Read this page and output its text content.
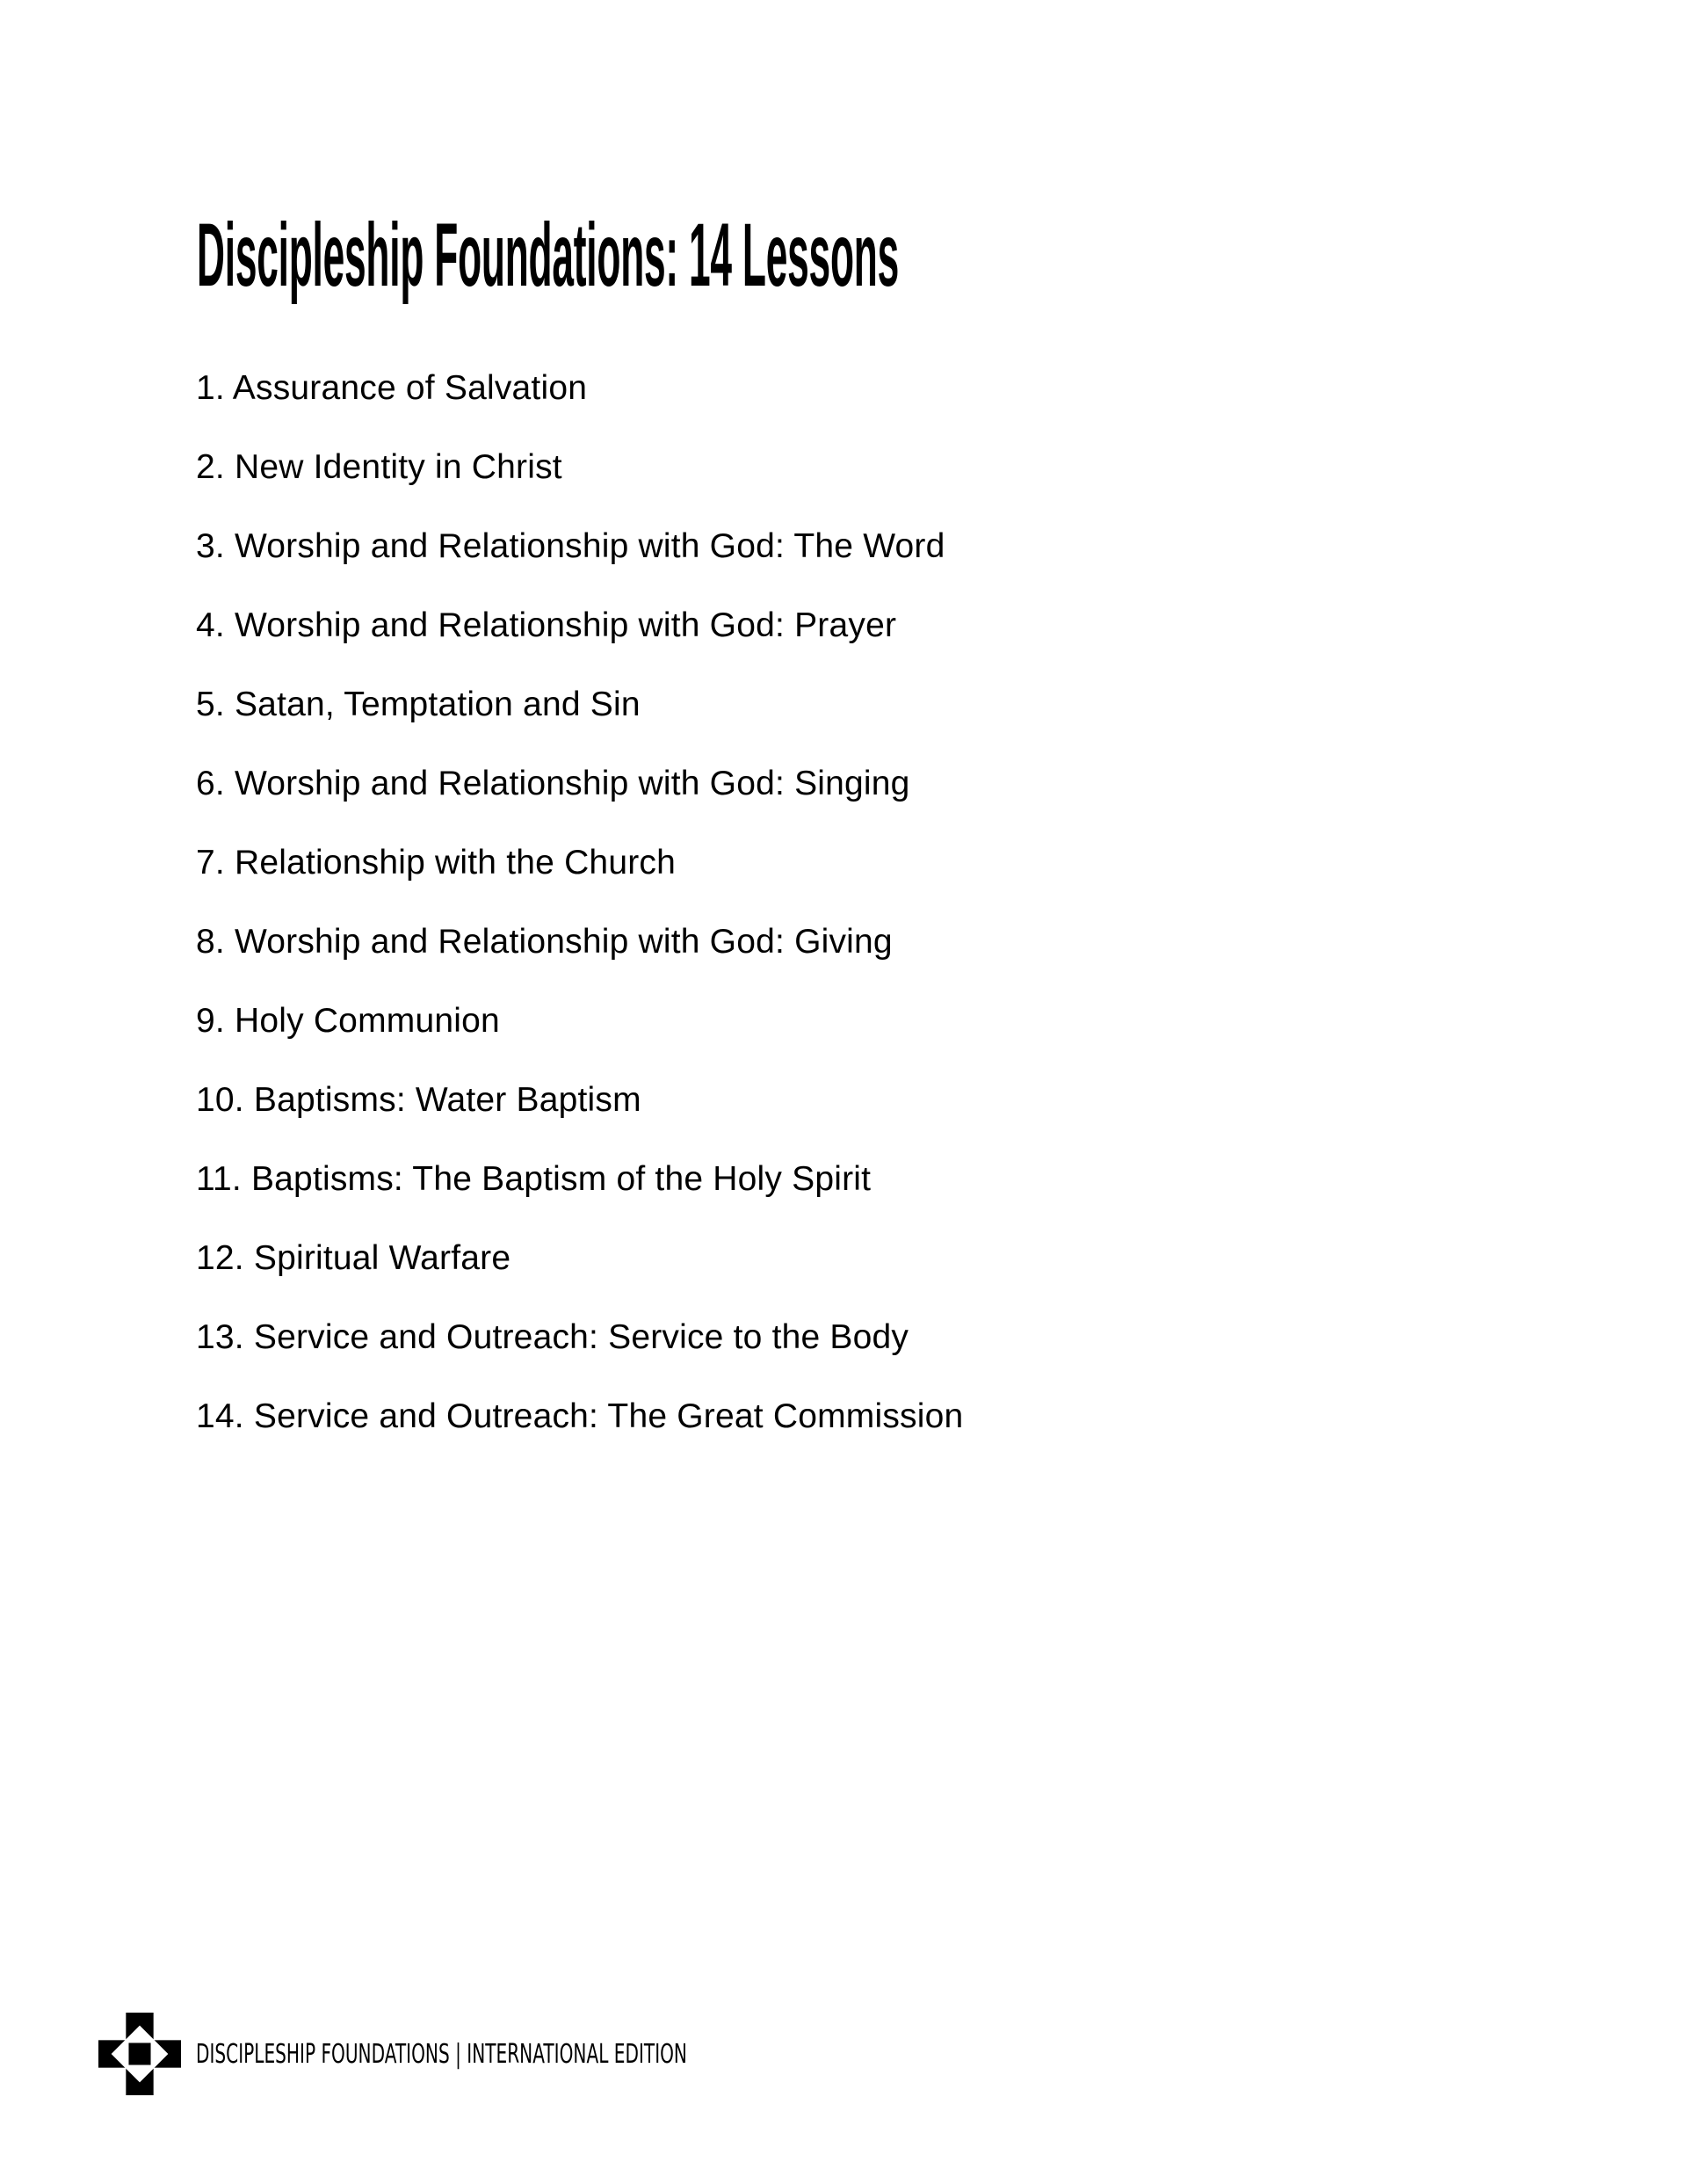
Discipleship Foundations: 14 Lessons
1. Assurance of Salvation
2. New Identity in Christ
3. Worship and Relationship with God: The Word
4. Worship and Relationship with God: Prayer
5. Satan, Temptation and Sin
6. Worship and Relationship with God: Singing
7. Relationship with the Church
8. Worship and Relationship with God: Giving
9. Holy Communion
10. Baptisms: Water Baptism
11. Baptisms: The Baptism of the Holy Spirit
12. Spiritual Warfare
13. Service and Outreach: Service to the Body
14. Service and Outreach: The Great Commission
DISCIPLESHIP FOUNDATIONS | INTERNATIONAL EDITION
